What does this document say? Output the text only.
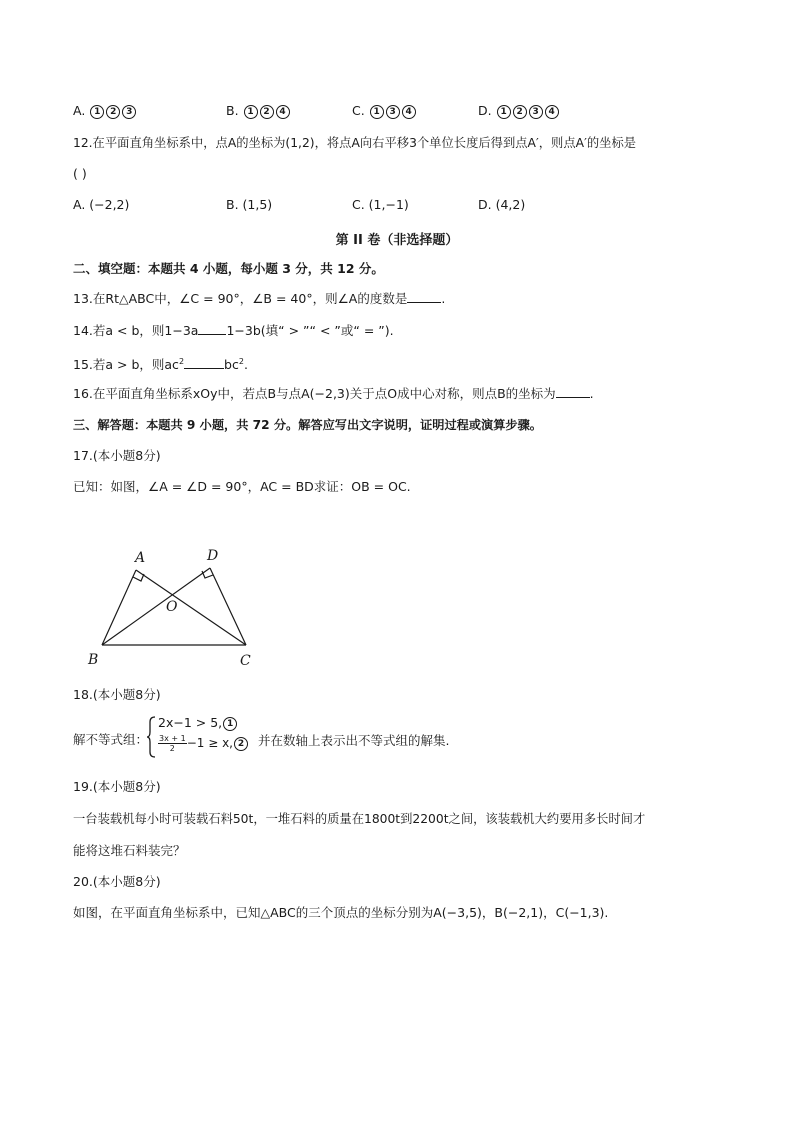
A. 1 2 3	B. 1 2 4	C. 1 3 4	D. 1 2 3 4
12.在平面直角坐标系中，点A的坐标为(1,2)，将点A向右平移3个单位长度后得到点A′，则点A′的坐标是
( )
A. (−2,2)	B. (1,5)	C. (1,−1)	D. (4,2)
第 II 卷（非选择题）
二、填空题：本题共 4 小题，每小题 3 分，共 12 分。
13.在Rt△ABC中，∠C = 90°，∠B = 40°，则∠A的度数是	.
14.若a < b，则1−3a 1−3b(填“ > ”“ < ”或“ = ”).
15.若a > b，则$ac^2$	$bc^2$.
16.在平面直角坐标系xOy中，若点B与点A(−2,3)关于点O成中心对称，则点B的坐标为	.
三、解答题：本题共 9 小题，共 72 分。解答应写出文字说明，证明过程或演算步骤。
17.(本小题8分)
已知：如图，∠A = ∠D = 90°，AC = BD求证：OB = OC.
A	D
O
B	C
18.(本小题8分)
解不等式组：
2x−1 > 5, 1
$\frac{3x + 1}{2} -1 \ge x$, 2	并在数轴上表示出不等式组的解集.
19.(本小题8分)
一台装载机每小时可装载石料50t，一堆石料的质量在1800t到2200t之间，该装载机大约要用多长时间才
能将这堆石料装完？
20.(本小题8分)
如图，在平面直角坐标系中，已知△ABC的三个顶点的坐标分别为A(−3,5)，B(−2,1)，C(−1,3).
